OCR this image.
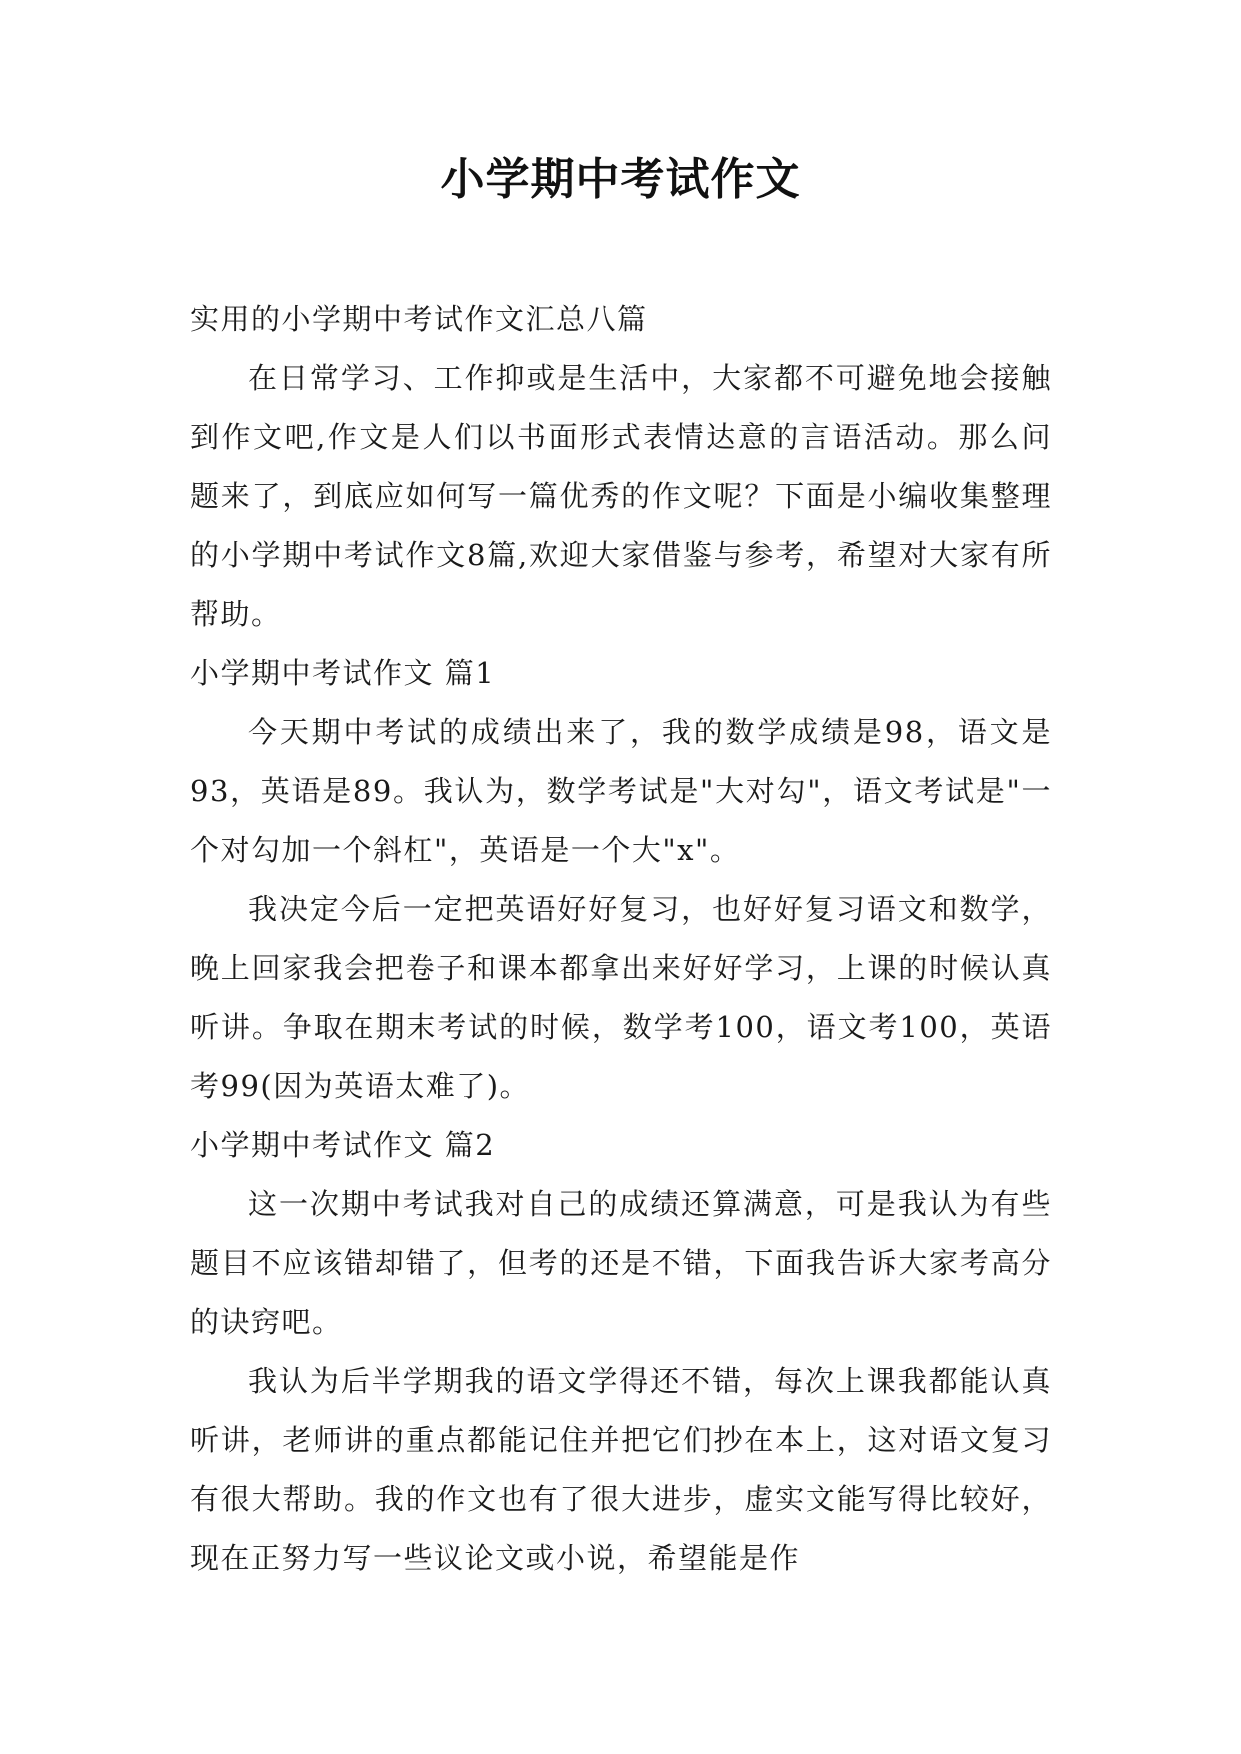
小学期中考试作文

实用的小学期中考试作文汇总八篇

在日常学习、工作抑或是生活中，大家都不可避免地会接触到作文吧,作文是人们以书面形式表情达意的言语活动。那么问题来了，到底应如何写一篇优秀的作文呢？下面是小编收集整理的小学期中考试作文8篇,欢迎大家借鉴与参考，希望对大家有所帮助。

小学期中考试作文 篇1

今天期中考试的成绩出来了，我的数学成绩是98，语文是93，英语是89。我认为，数学考试是"大对勾"，语文考试是"一个对勾加一个斜杠"，英语是一个大"x"。

我决定今后一定把英语好好复习，也好好复习语文和数学，晚上回家我会把卷子和课本都拿出来好好学习，上课的时候认真听讲。争取在期末考试的时候，数学考100，语文考100，英语考99(因为英语太难了)。

小学期中考试作文 篇2

这一次期中考试我对自己的成绩还算满意，可是我认为有些题目不应该错却错了，但考的还是不错，下面我告诉大家考高分的诀窍吧。

我认为后半学期我的语文学得还不错，每次上课我都能认真听讲，老师讲的重点都能记住并把它们抄在本上，这对语文复习有很大帮助。我的作文也有了很大进步，虚实文能写得比较好，现在正努力写一些议论文或小说，希望能是作
